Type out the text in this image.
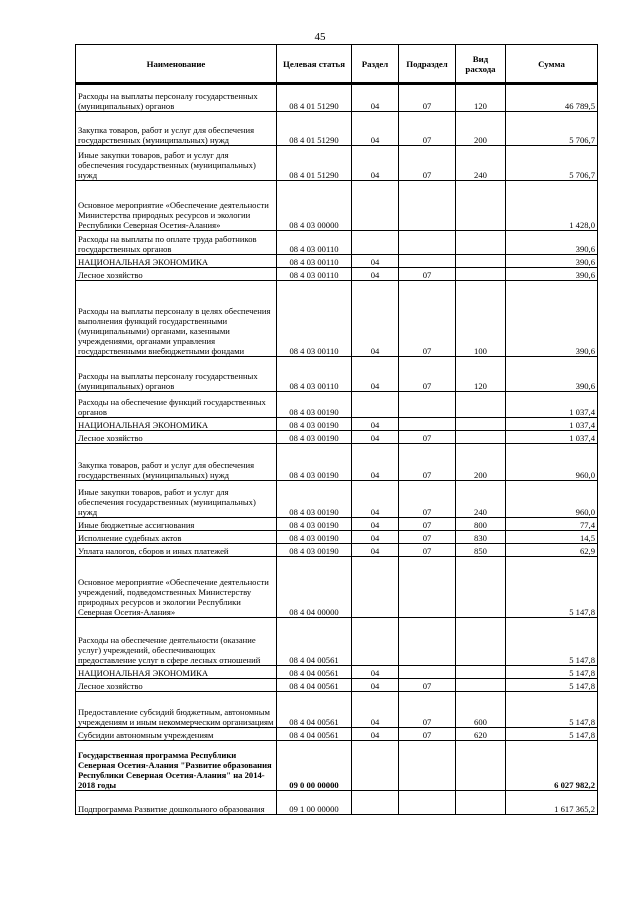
45
Наименование	Целевая статья	Раздел	Подраздел	Вид расхода	Сумма
Расходы на выплаты персоналу государственных (муниципальных) органов	08 4 01 51290	04	07	120	46 789,5
Закупка товаров, работ и услуг для обеспечения государственных (муниципальных) нужд	08 4 01 51290	04	07	200	5 706,7
Иные закупки товаров, работ и услуг для обеспечения государственных (муниципальных) нужд	08 4 01 51290	04	07	240	5 706,7
Основное мероприятие «Обеспечение деятельности Министерства природных ресурсов и экологии Республики Северная Осетия-Алания»	08 4 03 00000				1 428,0
Расходы на выплаты по оплате труда работников государственных органов	08 4 03 00110				390,6
НАЦИОНАЛЬНАЯ ЭКОНОМИКА	08 4 03 00110	04			390,6
Лесное хозяйство	08 4 03 00110	04	07		390,6
Расходы на выплаты персоналу в целях обеспечения выполнения функций государственными (муниципальными) органами, казенными учреждениями, органами управления государственными внебюджетными фондами	08 4 03 00110	04	07	100	390,6
Расходы на выплаты персоналу государственных (муниципальных) органов	08 4 03 00110	04	07	120	390,6
Расходы на обеспечение функций государственных органов	08 4 03 00190				1 037,4
НАЦИОНАЛЬНАЯ ЭКОНОМИКА	08 4 03 00190	04			1 037,4
Лесное хозяйство	08 4 03 00190	04	07		1 037,4
Закупка товаров, работ и услуг для обеспечения государственных (муниципальных) нужд	08 4 03 00190	04	07	200	960,0
Иные закупки товаров, работ и услуг для обеспечения государственных (муниципальных) нужд	08 4 03 00190	04	07	240	960,0
Иные бюджетные ассигнования	08 4 03 00190	04	07	800	77,4
Исполнение судебных актов	08 4 03 00190	04	07	830	14,5
Уплата налогов, сборов и иных платежей	08 4 03 00190	04	07	850	62,9
Основное мероприятие «Обеспечение деятельности учреждений, подведомственных Министерству природных ресурсов и экологии Республики Северная Осетия-Алания»	08 4 04 00000				5 147,8
Расходы на обеспечение деятельности (оказание услуг) учреждений, обеспечивающих предоставление услуг в сфере лесных отношений	08 4 04 00561				5 147,8
НАЦИОНАЛЬНАЯ ЭКОНОМИКА	08 4 04 00561	04			5 147,8
Лесное хозяйство	08 4 04 00561	04	07		5 147,8
Предоставление субсидий бюджетным, автономным учреждениям и иным некоммерческим организациям	08 4 04 00561	04	07	600	5 147,8
Субсидии автономным учреждениям	08 4 04 00561	04	07	620	5 147,8
Государственная программа Республики Северная Осетия-Алания "Развитие образования Республики Северная Осетия-Алания" на 2014-2018 годы	09 0 00 00000				6 027 982,2
Подпрограмма Развитие дошкольного образования	09 1 00 00000				1 617 365,2
